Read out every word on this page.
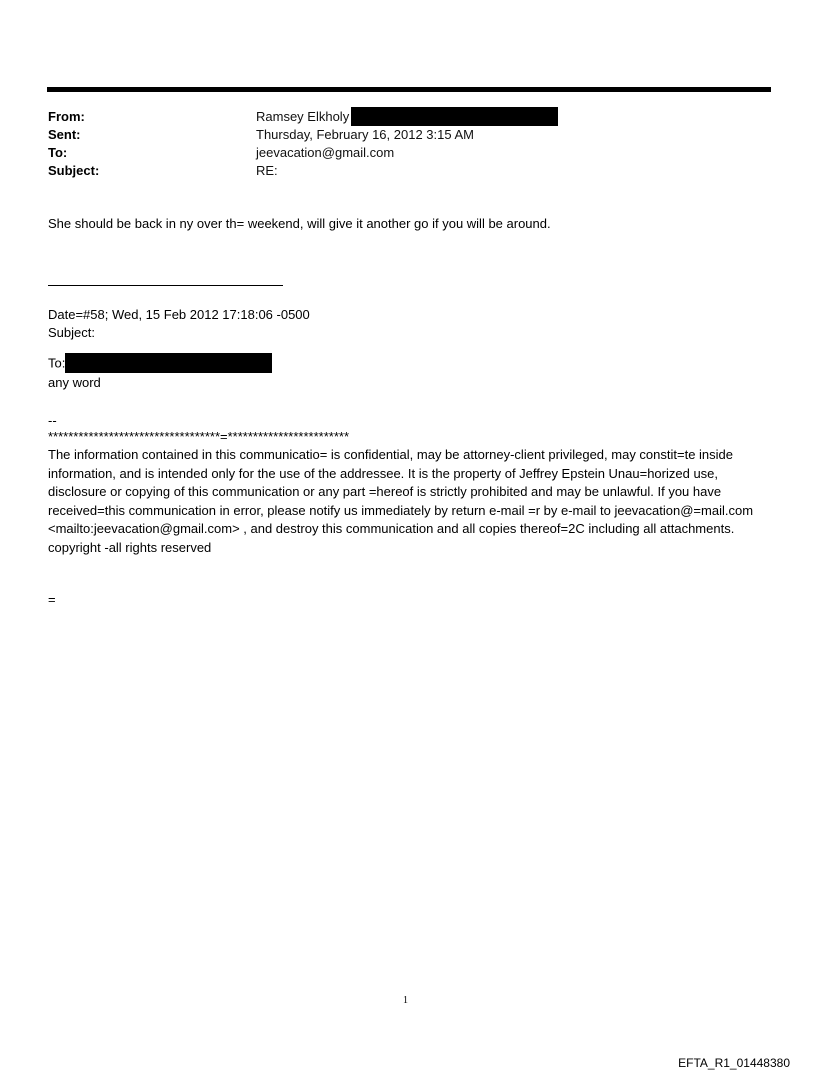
From:	Ramsey Elkholy
Sent:	Thursday, February 16, 2012 3:15 AM
To:	jeevacation@gmail.com
Subject:	RE:
She should be back in ny over th= weekend, will give it another go if you will be around.
Date=#58; Wed, 15 Feb 2012 17:18:06 -0500
Subject:
To:
any word
--
**********************************=************************
The information contained in this communicatio= is confidential, may be attorney-client privileged, may constit=te inside information, and is intended only for the use of the addressee. It is the property of Jeffrey Epstein Unau=horized use, disclosure or copying of this communication or any part =hereof is strictly prohibited and may be unlawful. If you have received=this communication in error, please notify us immediately by return e-mail =r by e-mail to jeevacation@=mail.com <mailto:jeevacation@gmail.com> , and destroy this communication and all copies thereof=2C including all attachments. copyright -all rights reserved
=
1
EFTA_R1_01448380
